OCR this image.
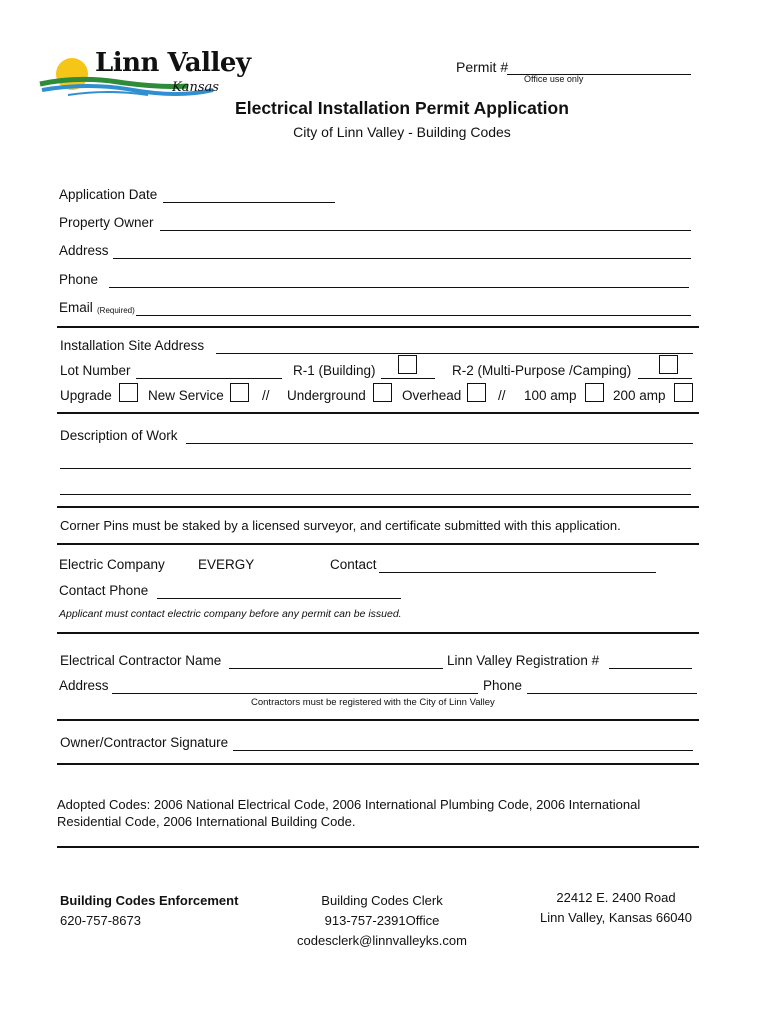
Linn Valley
Kansas
Permit #
Office use only
Electrical Installation Permit Application
City of Linn Valley - Building Codes
Application Date
Property Owner
Address
Phone
Email (Required)
Installation Site Address
Lot Number	R-1 (Building)	R-2 (Multi-Purpose /Camping)
Upgrade	New Service	// Underground	Overhead	// 100 amp	200 amp
Description of Work
Corner Pins must be staked by a licensed surveyor, and certificate submitted with this application.
Electric Company EVERGY	Contact
Contact Phone
Applicant must contact electric company before any permit can be issued.
Electrical Contractor Name	Linn Valley Registration #
Address	Phone
Contractors must be registered with the City of Linn Valley
Owner/Contractor Signature
Adopted Codes: 2006 National Electrical Code, 2006 International Plumbing Code, 2006 International
Residential Code, 2006 International Building Code.
Building Codes Enforcement
620-757-8673
Building Codes Clerk
913-757-2391Office
codesclerk@linnvalleyks.com
22412 E. 2400 Road
Linn Valley, Kansas 66040
